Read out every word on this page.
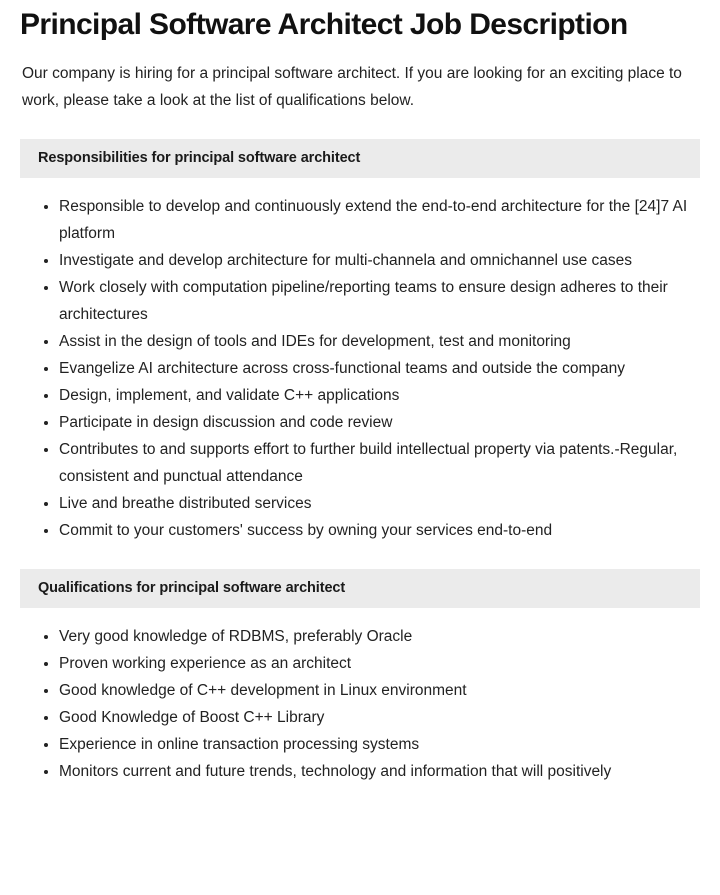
Principal Software Architect Job Description

Our company is hiring for a principal software architect. If you are looking for an exciting place to work, please take a look at the list of qualifications below.

Responsibilities for principal software architect
Responsible to develop and continuously extend the end-to-end architecture for the [24]7 AI platform
Investigate and develop architecture for multi-channela and omnichannel use cases
Work closely with computation pipeline/reporting teams to ensure design adheres to their architectures
Assist in the design of tools and IDEs for development, test and monitoring
Evangelize AI architecture across cross-functional teams and outside the company
Design, implement, and validate C++ applications
Participate in design discussion and code review
Contributes to and supports effort to further build intellectual property via patents.-Regular, consistent and punctual attendance
Live and breathe distributed services
Commit to your customers' success by owning your services end-to-end
Qualifications for principal software architect
Very good knowledge of RDBMS, preferably Oracle
Proven working experience as an architect
Good knowledge of C++ development in Linux environment
Good Knowledge of Boost C++ Library
Experience in online transaction processing systems
Monitors current and future trends, technology and information that will positively
